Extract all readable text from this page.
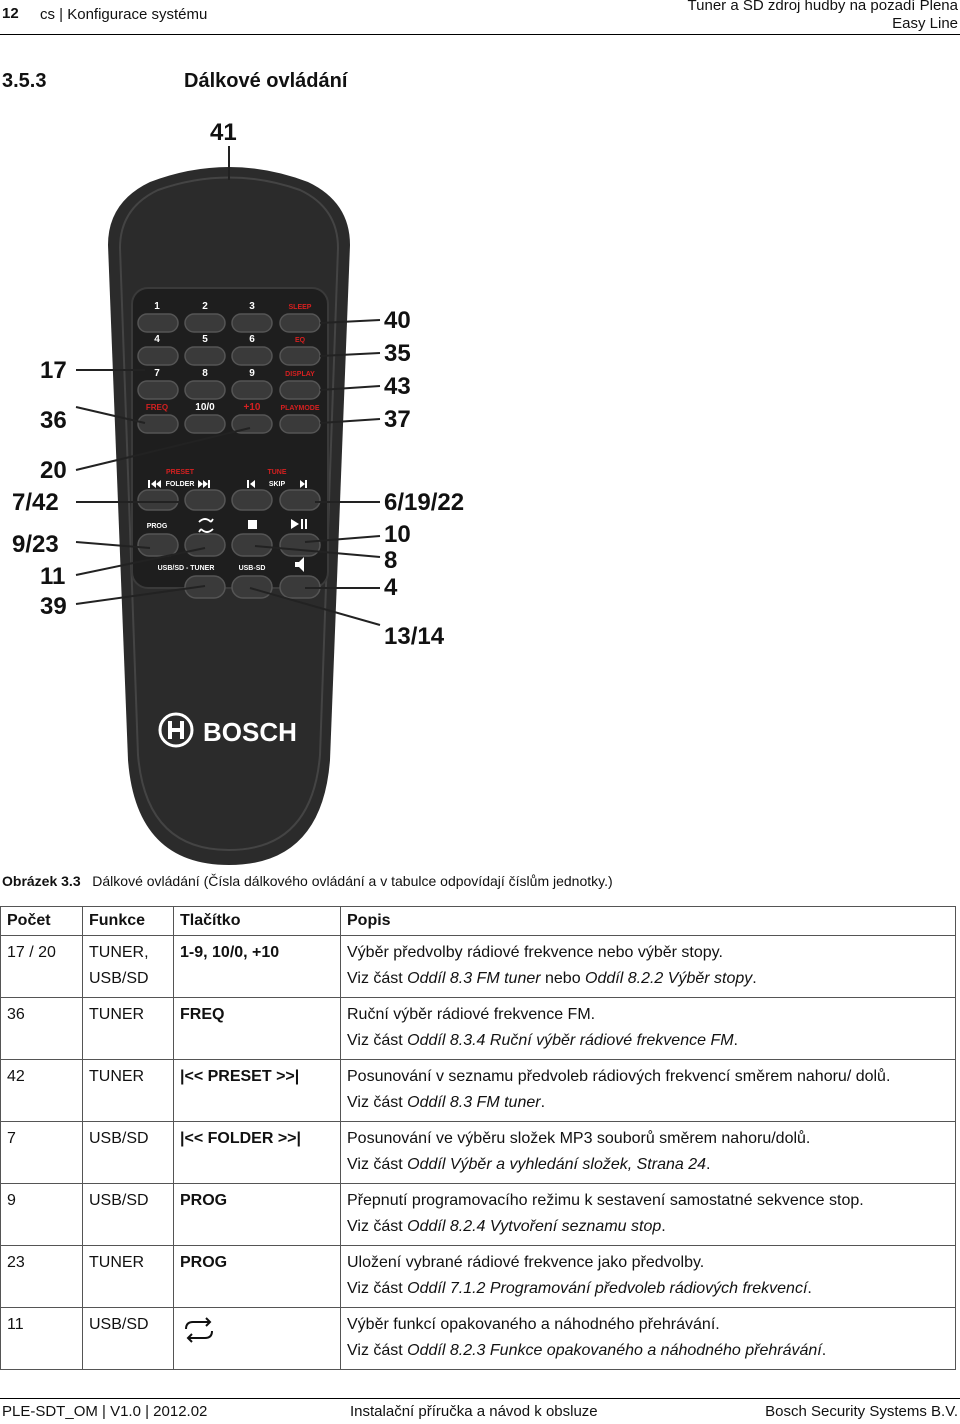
12 cs | Konfigurace systému
Tuner a SD zdroj hudby na pozadí Plena
Easy Line
3.5.3	Dálkové ovládání
1	2	3
4	5	6
7	8	9
FREQ	10/0	+10
SLEEP
EQ
DISPLAY
PLAYMODE
PRESET	TUNE
FOLDER	SKIP
PROG
USB/SD - TUNER	USB-SD
BOSCH
41
17
36
20
7/42
9/23
11
39
40
35
43
37
6/19/22
10
8
4
13/14
Obrázek 3.3 Dálkové ovládání (Čísla dálkového ovládání a v tabulce odpovídají číslům jednotky.)
Počet	Funkce	Tlačítko	Popis
17 / 20	TUNER, USB/SD	1-9, 10/0, +10	Výběr předvolby rádiové frekvence nebo výběr stopy.
Viz část Oddíl 8.3 FM tuner nebo Oddíl 8.2.2 Výběr stopy.

36	TUNER	FREQ	Ruční výběr rádiové frekvence FM.
Viz část Oddíl 8.3.4 Ruční výběr rádiové frekvence FM.

42	TUNER	|<< PRESET >>|	Posunování v seznamu předvoleb rádiových frekvencí směrem nahoru/ dolů.
Viz část Oddíl 8.3 FM tuner.

7	USB/SD	|<< FOLDER >>|	Posunování ve výběru složek MP3 souborů směrem nahoru/dolů.
Viz část Oddíl Výběr a vyhledání složek, Strana 24.

9	USB/SD	PROG	Přepnutí programovacího režimu k sestavení samostatné sekvence stop.
Viz část Oddíl 8.2.4 Vytvoření seznamu stop.

23	TUNER	PROG	Uložení vybrané rádiové frekvence jako předvolby.
Viz část Oddíl 7.1.2 Programování předvoleb rádiových frekvencí.

11	USB/SD		Výběr funkcí opakovaného a náhodného přehrávání.
Viz část Oddíl 8.2.3 Funkce opakovaného a náhodného přehrávání.
PLE-SDT_OM | V1.0 | 2012.02	Instalační příručka a návod k obsluze	Bosch Security Systems B.V.
